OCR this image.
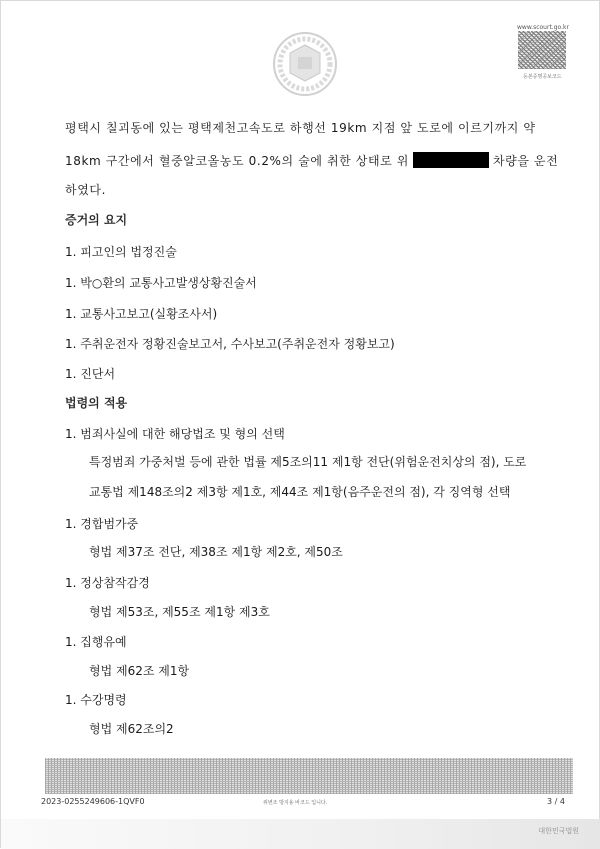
www.scourt.go.kr
등본증명공보코드
평택시 칠괴동에 있는 평택제천고속도로 하행선 19km 지점 앞 도로에 이르기까지 약
18km 구간에서 혈중알코올농도 0.2%의 술에 취한 상태로 위	차량을 운전
하였다.
증거의 요지
1. 피고인의 법정진술
1. 박○환의 교통사고발생상황진술서
1. 교통사고보고(실황조사서)
1. 주취운전자 정황진술보고서, 수사보고(주취운전자 정황보고)
1. 진단서
법령의 적용
1. 범죄사실에 대한 해당법조 및 형의 선택
특정범죄 가중처벌 등에 관한 법률 제5조의11 제1항 전단(위험운전치상의 점), 도로
교통법 제148조의2 제3항 제1호, 제44조 제1항(음주운전의 점), 각 징역형 선택
1. 경합범가중
형법 제37조 전단, 제38조 제1항 제2호, 제50조
1. 정상참작감경
형법 제53조, 제55조 제1항 제3호
1. 집행유예
형법 제62조 제1항
1. 수강명령
형법 제62조의2
2023-0255249606-1QVF0	위변조 방지용 바코드 입니다.	3 / 4
대한민국법원
